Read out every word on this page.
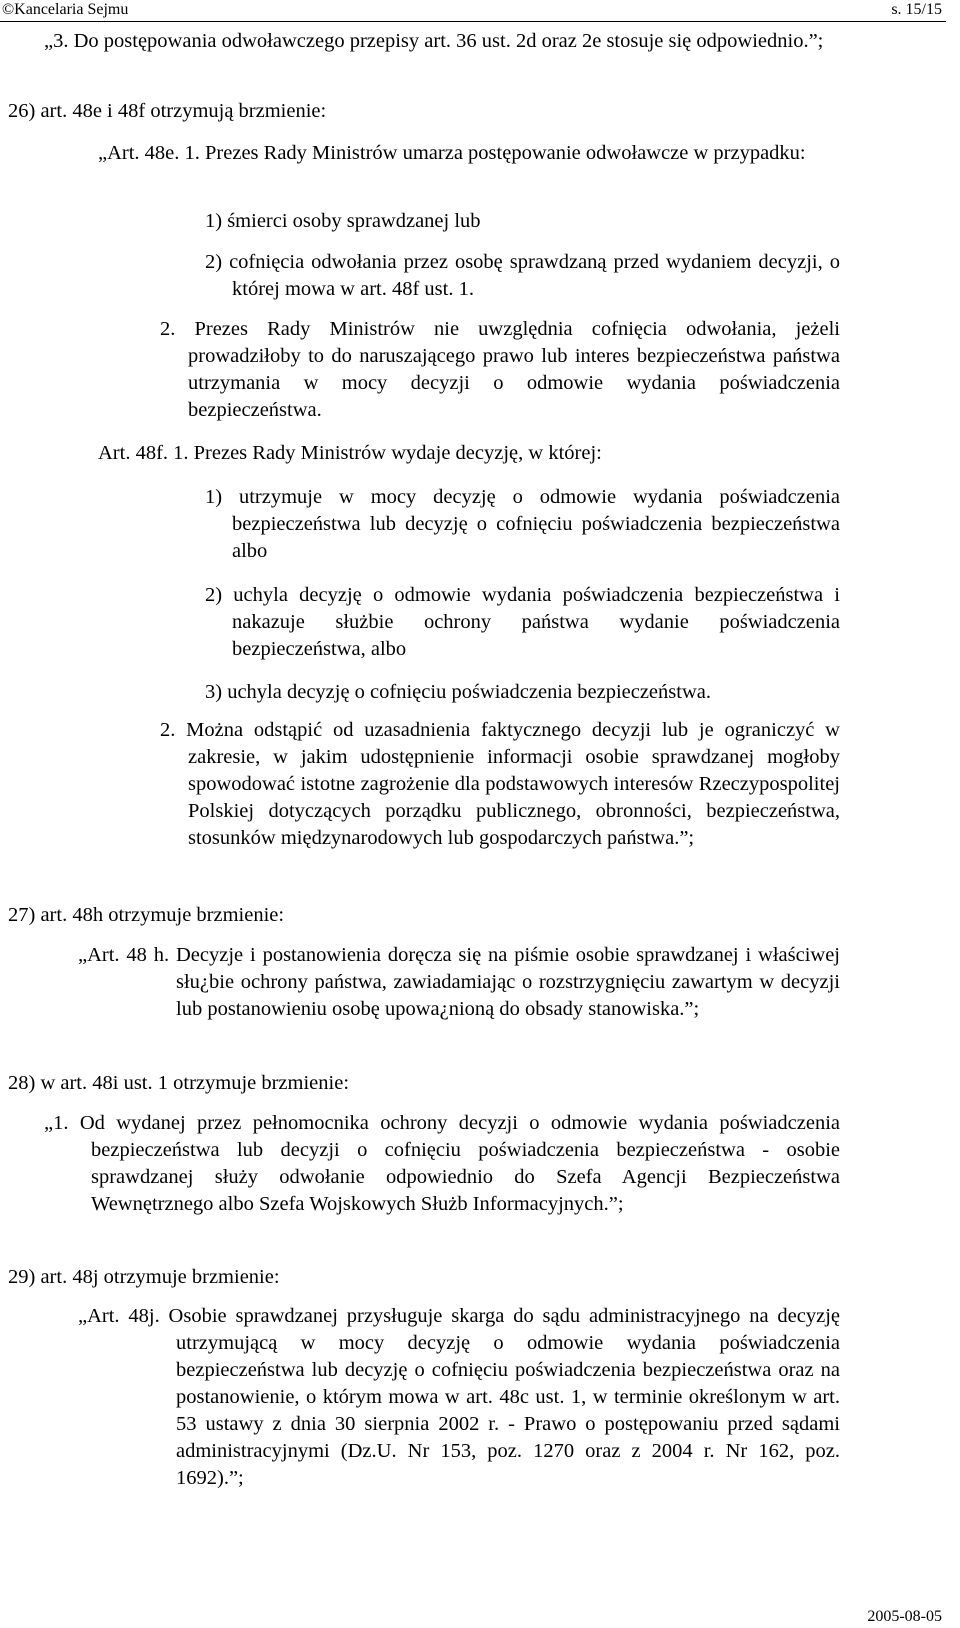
©Kancelaria Sejmu	s. 15/15

„3. Do postępowania odwoławczego przepisy art. 36 ust. 2d oraz 2e stosuje się odpowiednio.”;

26) art. 48e i 48f otrzymują brzmienie:

„Art. 48e. 1. Prezes Rady Ministrów umarza postępowanie odwoławcze w przypadku:

1) śmierci osoby sprawdzanej lub

2) cofnięcia odwołania przez osobę sprawdzaną przed wydaniem decyzji, o której mowa w art. 48f ust. 1.

2. Prezes Rady Ministrów nie uwzględnia cofnięcia odwołania, jeżeli prowadziłoby to do naruszającego prawo lub interes bezpieczeństwa państwa utrzymania w mocy decyzji o odmowie wydania poświadczenia bezpieczeństwa.

Art. 48f. 1. Prezes Rady Ministrów wydaje decyzję, w której:

1) utrzymuje w mocy decyzję o odmowie wydania poświadczenia bezpieczeństwa lub decyzję o cofnięciu poświadczenia bezpieczeństwa albo

2) uchyla decyzję o odmowie wydania poświadczenia bezpieczeństwa i nakazuje służbie ochrony państwa wydanie poświadczenia bezpieczeństwa, albo

3) uchyla decyzję o cofnięciu poświadczenia bezpieczeństwa.

2. Można odstąpić od uzasadnienia faktycznego decyzji lub je ograniczyć w zakresie, w jakim udostępnienie informacji osobie sprawdzanej mogłoby spowodować istotne zagrożenie dla podstawowych interesów Rzeczypospolitej Polskiej dotyczących porządku publicznego, obronności, bezpieczeństwa, stosunków międzynarodowych lub gospodarczych państwa.”;

27) art. 48h otrzymuje brzmienie:

„Art. 48 h. Decyzje i postanowienia doręcza się na piśmie osobie sprawdzanej i właściwej słu¿bie ochrony państwa, zawiadamiając o rozstrzygnięciu zawartym w decyzji lub postanowieniu osobę upowa¿nioną do obsady stanowiska.”;

28) w art. 48i ust. 1 otrzymuje brzmienie:

„1. Od wydanej przez pełnomocnika ochrony decyzji o odmowie wydania poświadczenia bezpieczeństwa lub decyzji o cofnięciu poświadczenia bezpieczeństwa - osobie sprawdzanej służy odwołanie odpowiednio do Szefa Agencji Bezpieczeństwa Wewnętrznego albo Szefa Wojskowych Służb Informacyjnych.”;

29) art. 48j otrzymuje brzmienie:

„Art. 48j. Osobie sprawdzanej przysługuje skarga do sądu administracyjnego na decyzję utrzymującą w mocy decyzję o odmowie wydania poświadczenia bezpieczeństwa lub decyzję o cofnięciu poświadczenia bezpieczeństwa oraz na postanowienie, o którym mowa w art. 48c ust. 1, w terminie określonym w art. 53 ustawy z dnia 30 sierpnia 2002 r. - Prawo o postępowaniu przed sądami administracyjnymi (Dz.U. Nr 153, poz. 1270 oraz z 2004 r. Nr 162, poz. 1692).”;

2005-08-05
